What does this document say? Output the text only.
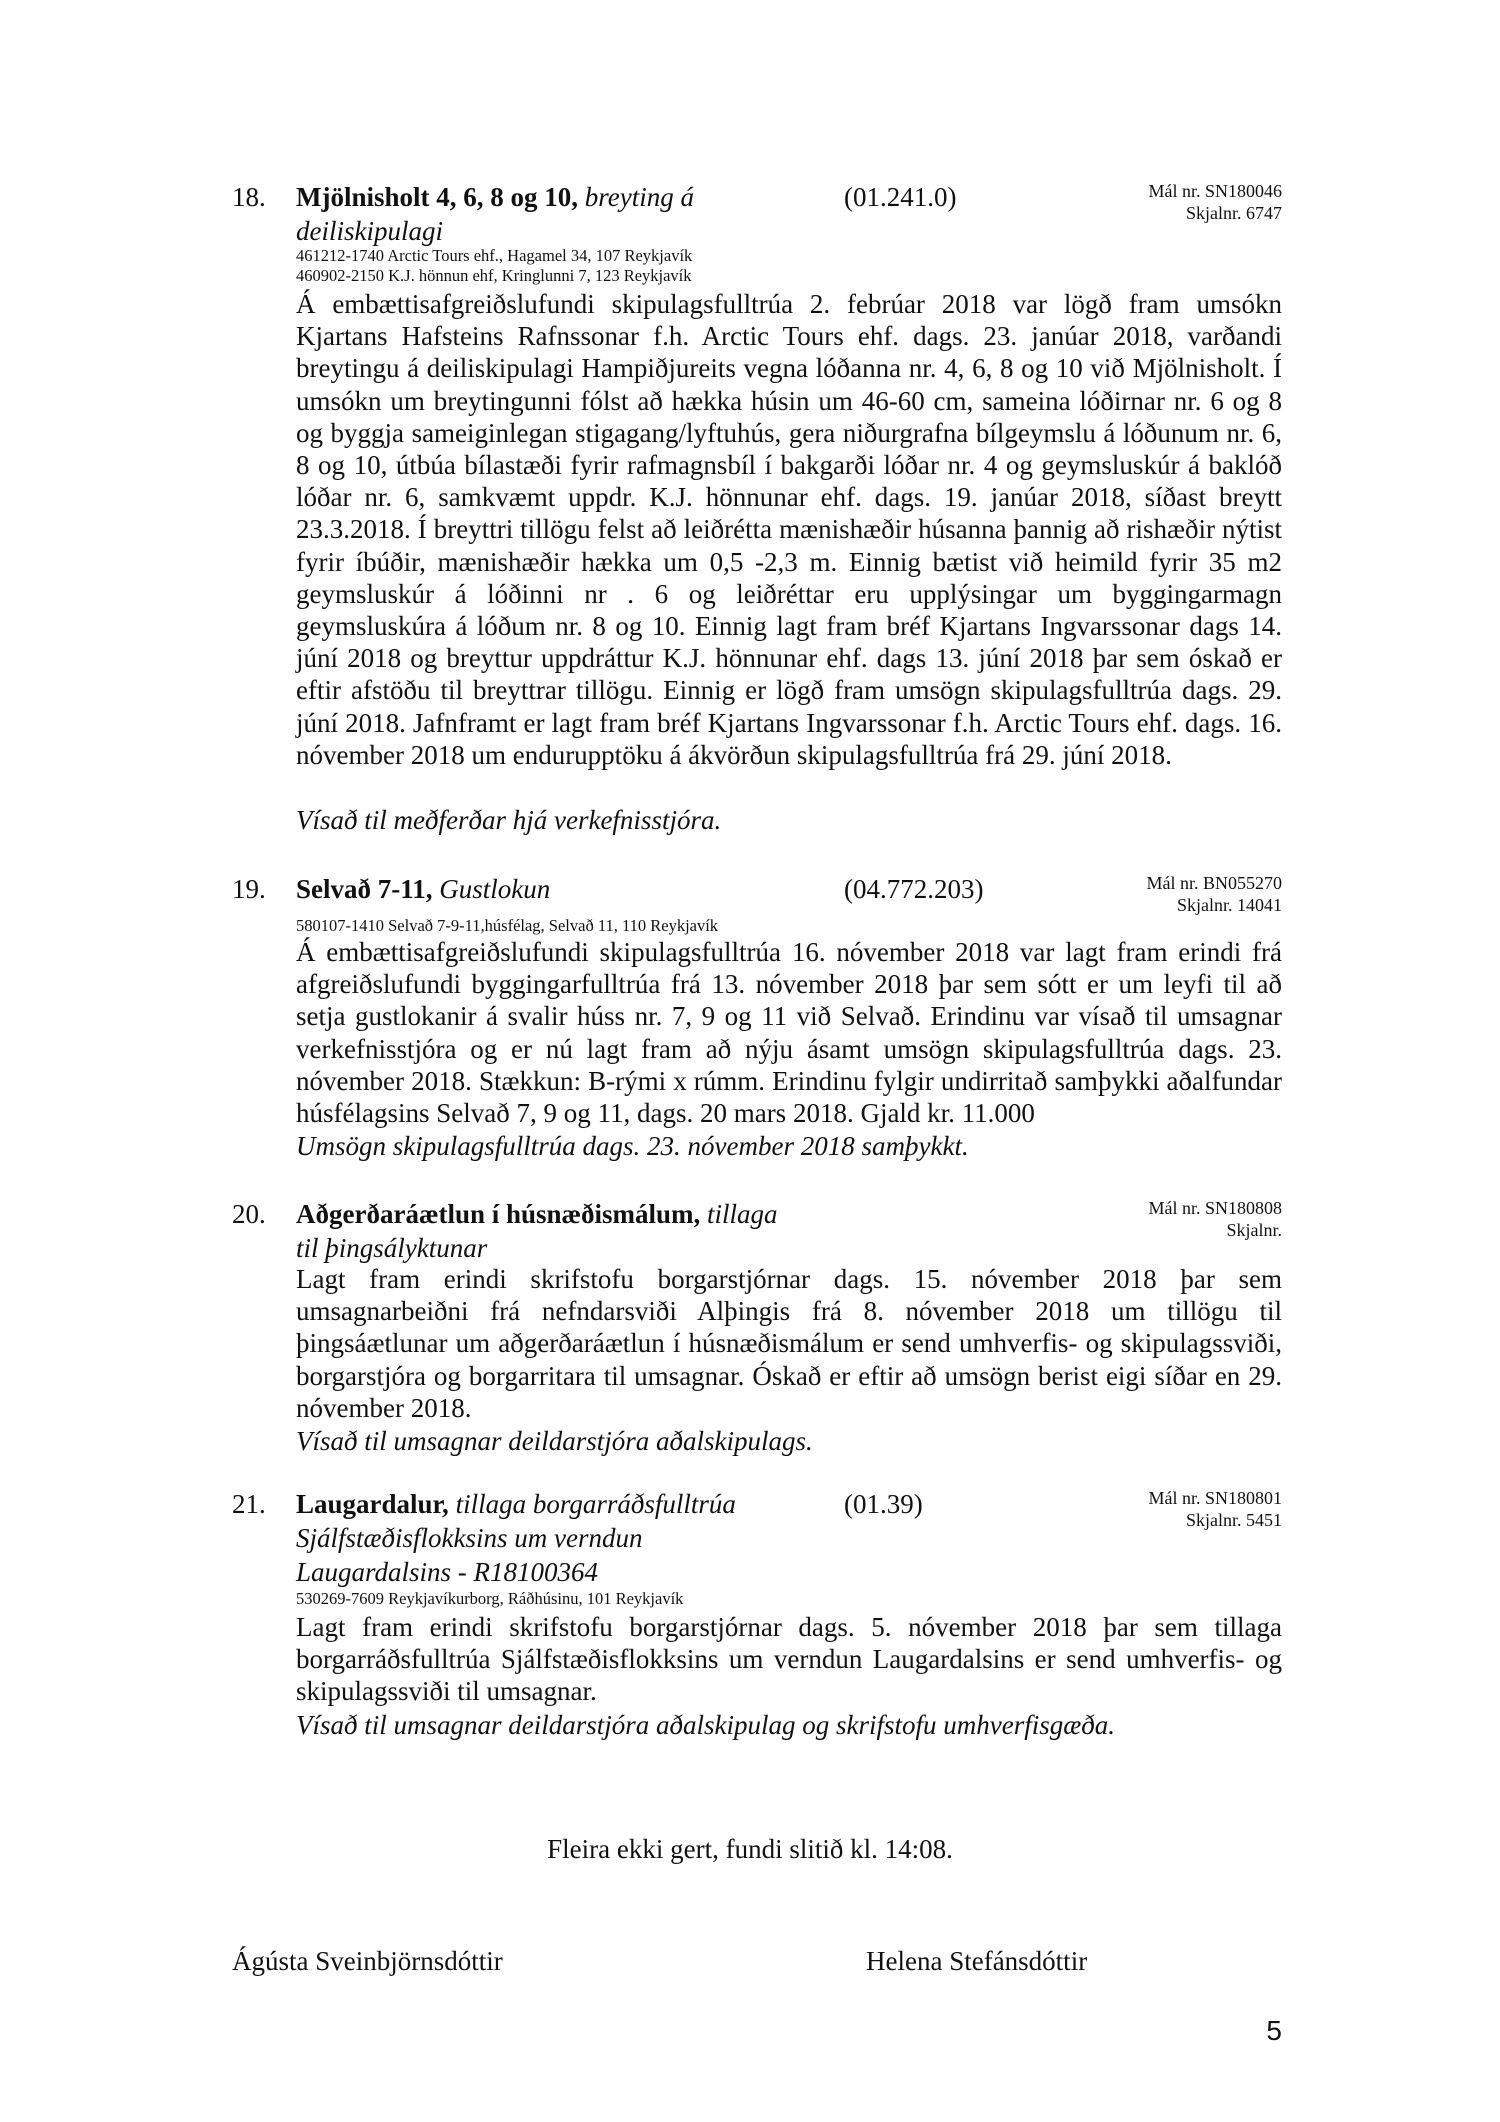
18. Mjölnisholt 4, 6, 8 og 10, breyting á
deiliskipulagi
(01.241.0)	Mál nr. SN180046
Skjalnr. 6747
461212-1740 Arctic Tours ehf., Hagamel 34, 107 Reykjavík
460902-2150 K.J. hönnun ehf, Kringlunni 7, 123 Reykjavík
Á embættisafgreiðslufundi skipulagsfulltrúa 2. febrúar 2018 var lögð fram umsókn Kjartans Hafsteins Rafnssonar f.h. Arctic Tours ehf. dags. 23. janúar 2018, varðandi breytingu á deiliskipulagi Hampiðjureits vegna lóðanna nr. 4, 6, 8 og 10 við Mjölnisholt. Í umsókn um breytingunni fólst að hækka húsin um 46-60 cm, sameina lóðirnar nr. 6 og 8 og byggja sameiginlegan stigagang/lyftuhús, gera niðurgrafna bílgeymslu á lóðunum nr. 6, 8 og 10, útbúa bílastæði fyrir rafmagnsbíl í bakgarði lóðar nr. 4 og geymsluskúr á baklóð lóðar nr. 6, samkvæmt uppdr. K.J. hönnunar ehf. dags. 19. janúar 2018, síðast breytt 23.3.2018. Í breyttri tillögu felst að leiðrétta mænishæðir húsanna þannig að rishæðir nýtist fyrir íbúðir, mænishæðir hækka um 0,5 -2,3 m. Einnig bætist við heimild fyrir 35 m2 geymsluskúr á lóðinni nr . 6 og leiðréttar eru upplýsingar um byggingarmagn geymsluskúra á lóðum nr. 8 og 10. Einnig lagt fram bréf Kjartans Ingvarssonar dags 14. júní 2018 og breyttur uppdráttur K.J. hönnunar ehf. dags 13. júní 2018 þar sem óskað er eftir afstöðu til breyttrar tillögu. Einnig er lögð fram umsögn skipulagsfulltrúa dags. 29. júní 2018. Jafnframt er lagt fram bréf Kjartans Ingvarssonar f.h. Arctic Tours ehf. dags. 16. nóvember 2018 um endurupptöku á ákvörðun skipulagsfulltrúa frá 29. júní 2018.
Vísað til meðferðar hjá verkefnisstjóra.
19. Selvað 7-11, Gustlokun	(04.772.203)	Mál nr. BN055270
Skjalnr. 14041
580107-1410 Selvað 7-9-11,húsfélag, Selvað 11, 110 Reykjavík
Á embættisafgreiðslufundi skipulagsfulltrúa 16. nóvember 2018 var lagt fram erindi frá afgreiðslufundi byggingarfulltrúa frá 13. nóvember 2018 þar sem sótt er um leyfi til að setja gustlokanir á svalir húss nr. 7, 9 og 11 við Selvað. Erindinu var vísað til umsagnar verkefnisstjóra og er nú lagt fram að nýju ásamt umsögn skipulagsfulltrúa dags. 23. nóvember 2018. Stækkun: B-rými x rúmm. Erindinu fylgir undirritað samþykki aðalfundar húsfélagsins Selvað 7, 9 og 11, dags. 20 mars 2018. Gjald kr. 11.000
Umsögn skipulagsfulltrúa dags. 23. nóvember 2018 samþykkt.
20. Aðgerðaráætlun í húsnæðismálum, tillaga
til þingsályktunar
Mál nr. SN180808
Skjalnr.
Lagt fram erindi skrifstofu borgarstjórnar dags. 15. nóvember 2018 þar sem umsagnarbeiðni frá nefndarsviði Alþingis frá 8. nóvember 2018 um tillögu til þingsáætlunar um aðgerðaráætlun í húsnæðismálum er send umhverfis- og skipulagssviði, borgarstjóra og borgarritara til umsagnar. Óskað er eftir að umsögn berist eigi síðar en 29. nóvember 2018.
Vísað til umsagnar deildarstjóra aðalskipulags.
21. Laugardalur, tillaga borgarráðsfulltrúa
Sjálfstæðisflokksins um verndun
Laugardalsins - R18100364
(01.39)	Mál nr. SN180801
Skjalnr. 5451
530269-7609 Reykjavíkurborg, Ráðhúsinu, 101 Reykjavík
Lagt fram erindi skrifstofu borgarstjórnar dags. 5. nóvember 2018 þar sem tillaga borgarráðsfulltrúa Sjálfstæðisflokksins um verndun Laugardalsins er send umhverfis- og skipulagssviði til umsagnar.
Vísað til umsagnar deildarstjóra aðalskipulag og skrifstofu umhverfisgæða.
Fleira ekki gert, fundi slitið kl. 14:08.
Ágústa Sveinbjörnsdóttir	Helena Stefánsdóttir
5
